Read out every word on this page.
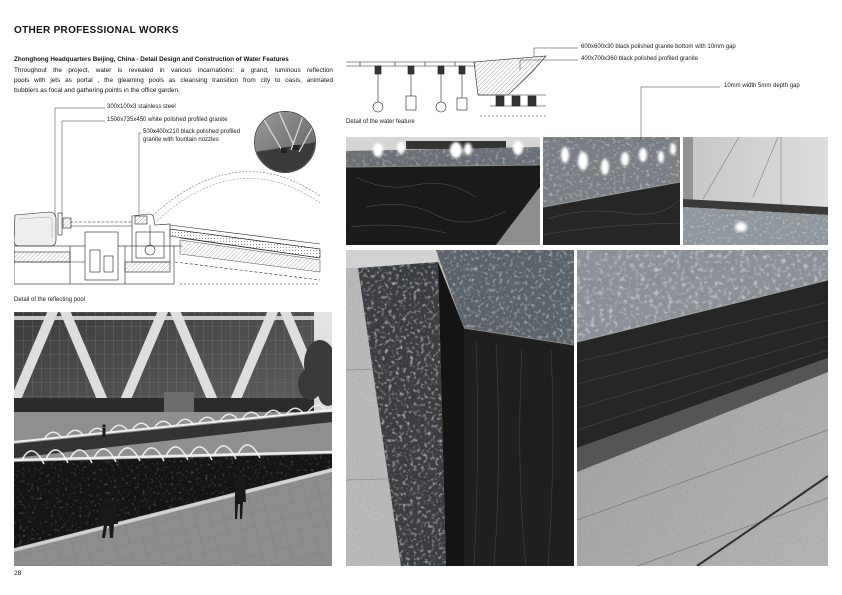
OTHER PROFESSIONAL WORKS
Zhonghong Headquarters Beijing, China - Detail Design and Construction of Water Features
Throughout the project, water is revealed in various incarnations: a grand, luminous reflection
pools with jets as portal , the gleaming pools as cleansing transition from city to oasis, animated
bubblers as focal and gathering points in the office garden.
300x100x3 stainless steel
1500x735x450 white polished profiled granite
500x400x210 black polished profiled
granite with fountain nozzles
Detail of the reflecting pool
600x600x30 black polished granite bottom with 10mm gap
400x700x360 black polished profiled granite
10mm width 5mm depth gap
Detail of the water feature
28
